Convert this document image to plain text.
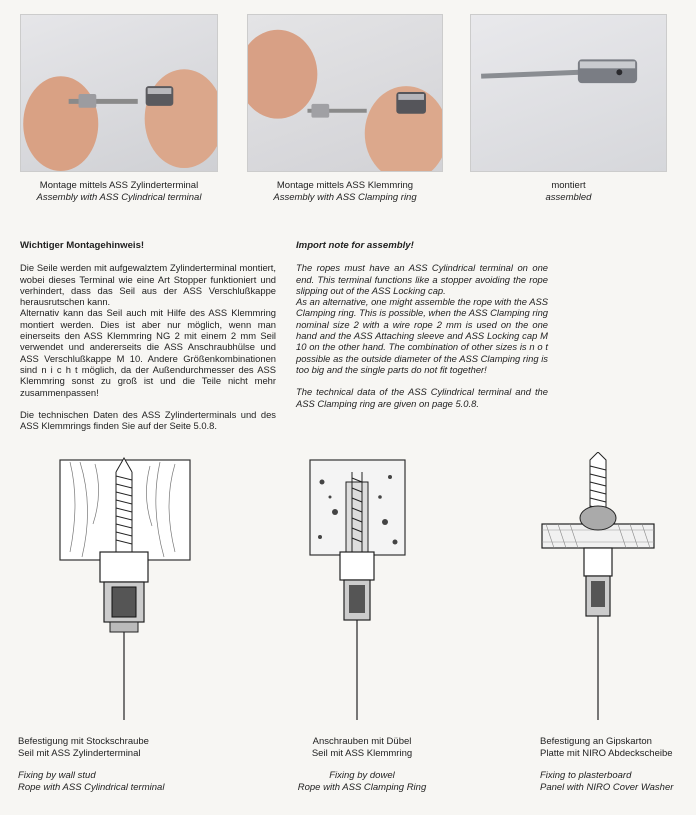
Montage mittels ASS Zylinderterminal
Assembly with ASS Cylindrical terminal
Montage mittels ASS Klemmring
Assembly with ASS Clamping ring
montiert
assembled
Wichtiger Montagehinweis!

Die Seile werden mit aufgewalztem Zylinderterminal montiert, wobei dieses Terminal wie eine Art Stopper funktioniert und verhindert, dass das Seil aus der ASS Verschlußkappe herausrutschen kann.

Alternativ kann das Seil auch mit Hilfe des ASS Klemmring montiert werden. Dies ist aber nur möglich, wenn man einerseits den ASS Klemmring NG 2 mit einem 2 mm Seil verwendet und andererseits die ASS Anschraubhülse und ASS Verschlußkappe M 10. Andere Größenkombinationen sind n i c h t möglich, da der Außendurchmesser des ASS Klemmring sonst zu groß ist und die Teile nicht mehr zusammenpassen!

Die technischen Daten des ASS Zylinderterminals und des ASS Klemmrings finden Sie auf der Seite 5.0.8.

Import note for assembly!

The ropes must have an ASS Cylindrical terminal on one end. This terminal functions like a stopper avoiding the rope slipping out of the ASS Locking cap.

As an alternative, one might assemble the rope with the ASS Clamping ring. This is possible, when the ASS Clamping ring nominal size 2 with a wire rope 2 mm is used on the one hand and the ASS Attaching sleeve and ASS Locking cap M 10 on the other hand. The combination of other sizes is n o t possible as the outside diameter of the ASS Clamping ring is too big and the single parts do not fit together!

The technical data of the ASS Cylindrical terminal and the ASS Clamping ring are given on page 5.0.8.

Befestigung mit Stockschraube
Seil mit ASS Zylinderterminal
Fixing by wall stud
Rope with ASS Cylindrical terminal
Anschrauben mit Dübel
Seil mit ASS Klemmring
Fixing by dowel
Rope with ASS Clamping Ring
Befestigung an Gipskarton
Platte mit NIRO Abdeckscheibe
Fixing to plasterboard
Panel with NIRO Cover Washer
